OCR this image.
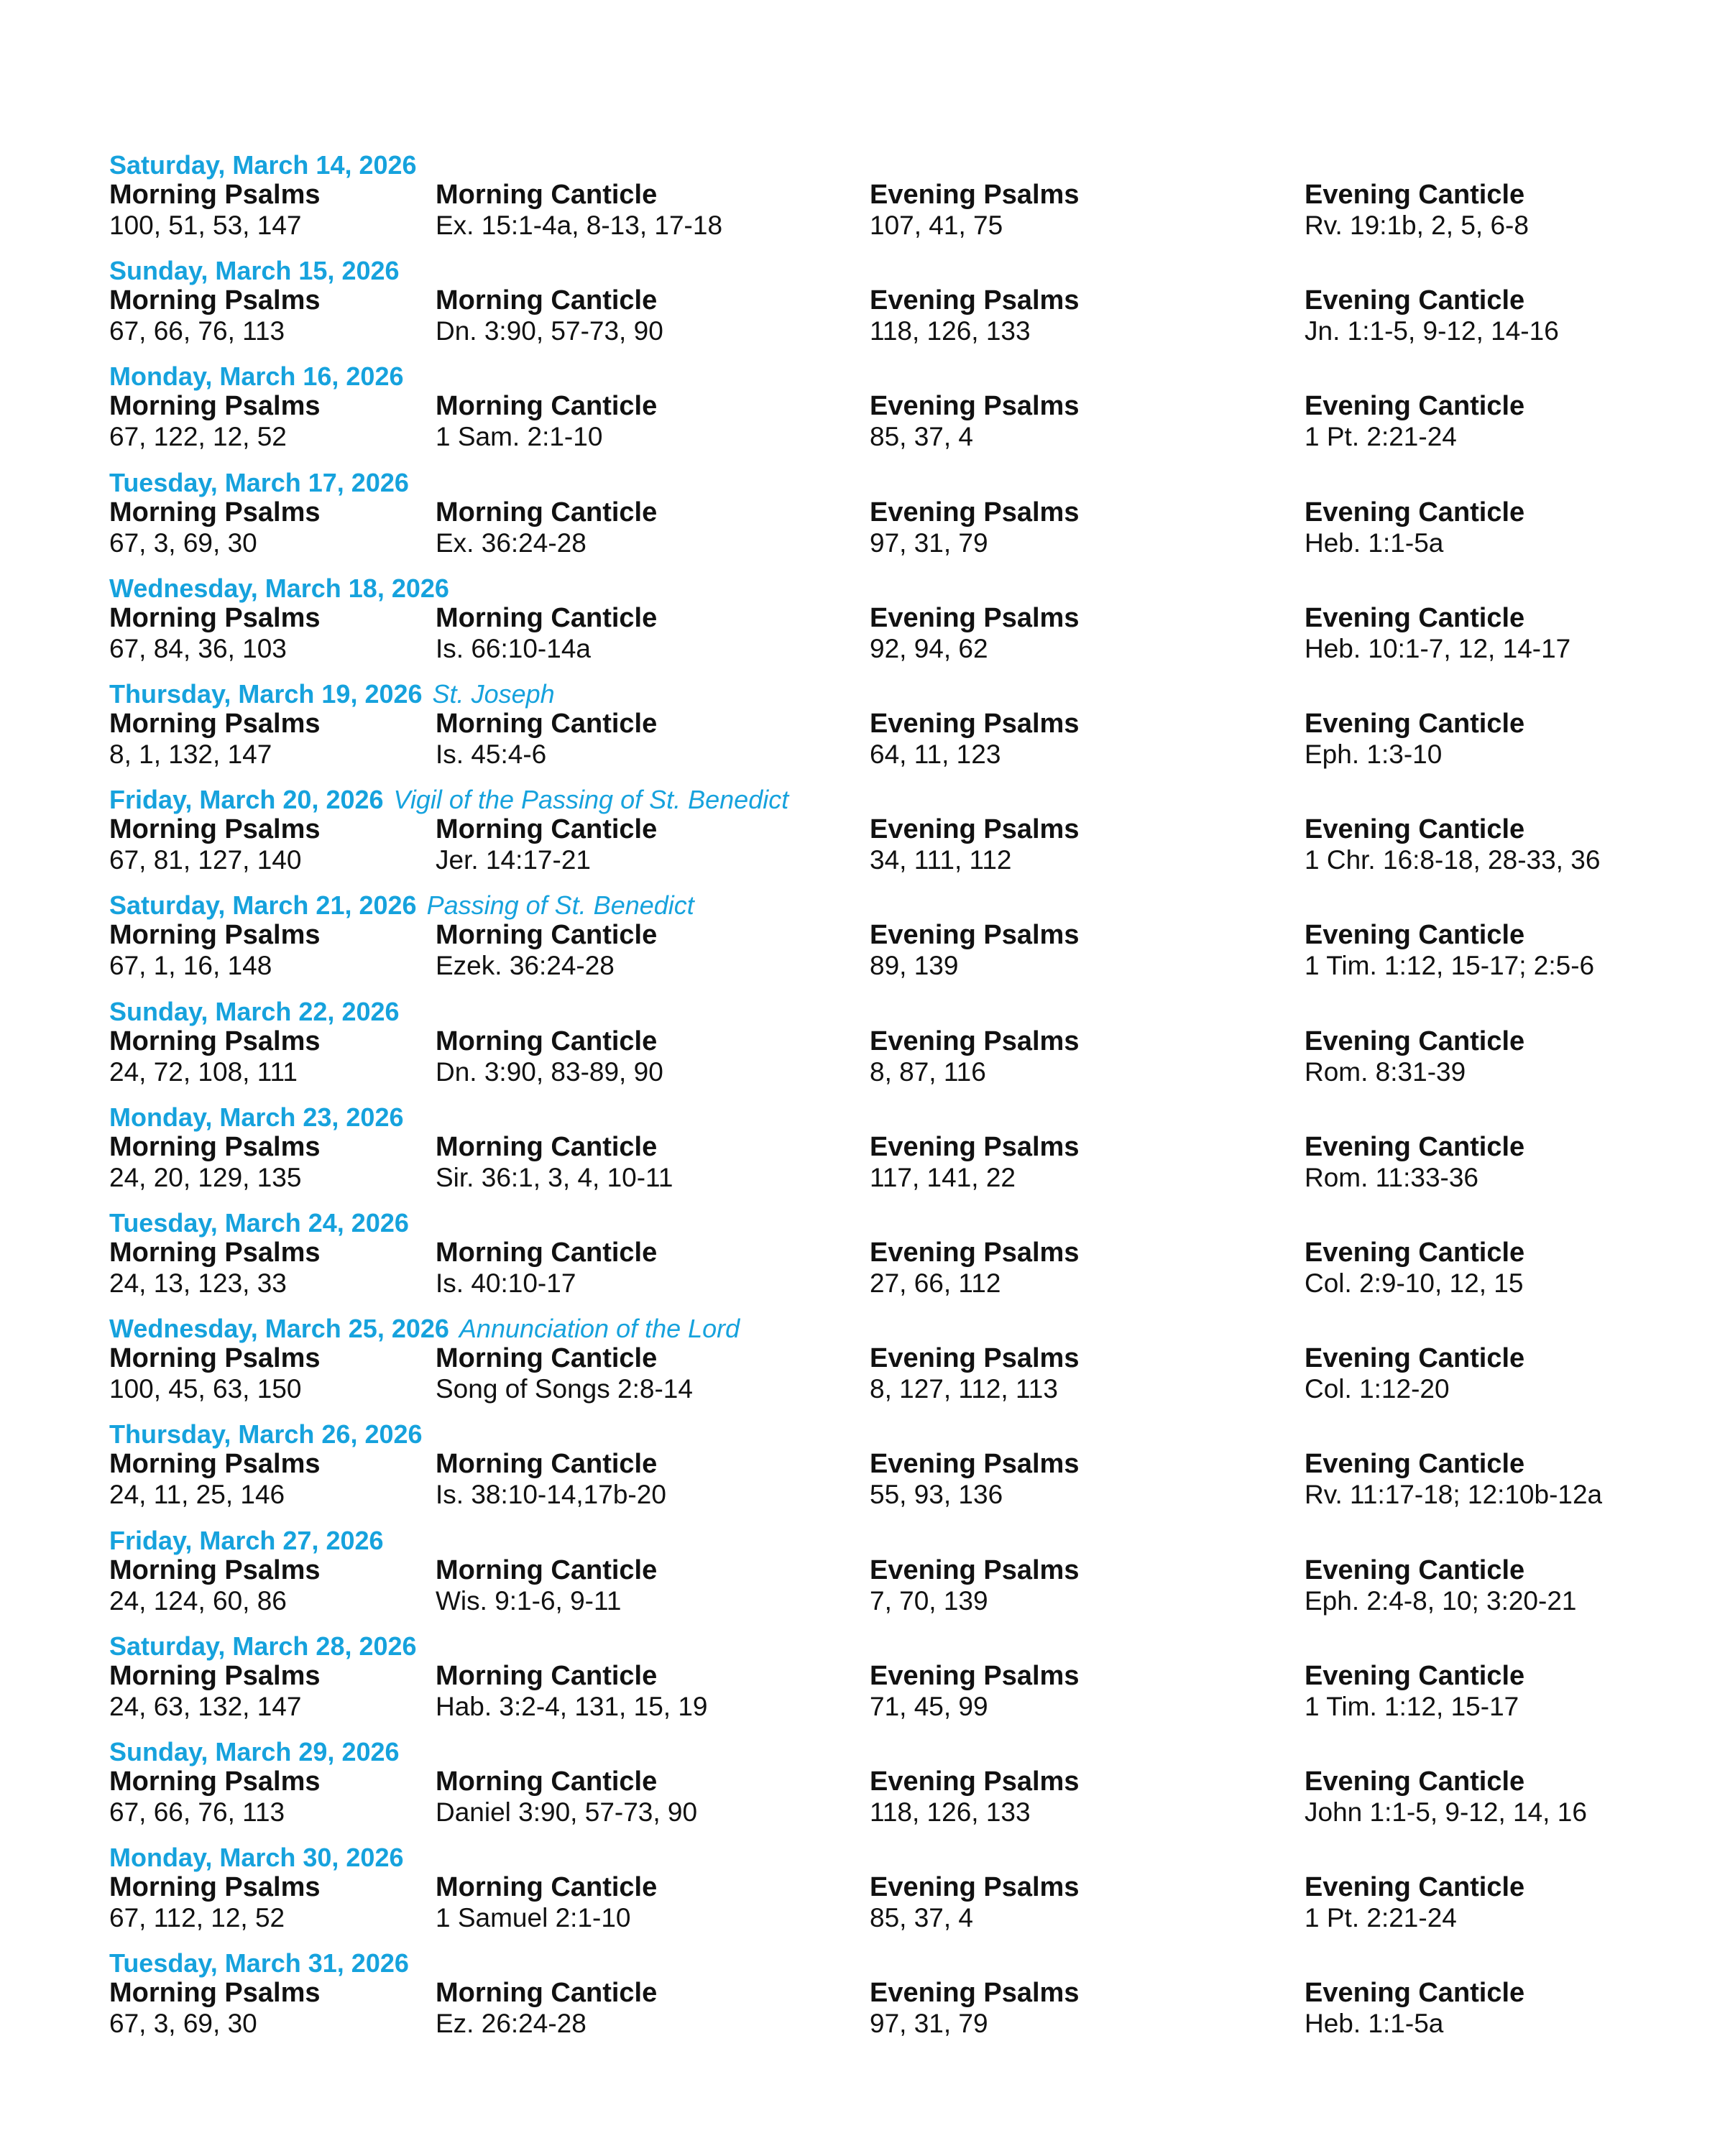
Saturday, March 14, 2026
Morning Psalms
100, 51, 53, 147
Morning Canticle
Ex. 15:1-4a, 8-13, 17-18
Evening Psalms
107, 41, 75
Evening Canticle
Rv. 19:1b, 2, 5, 6-8
Sunday, March 15, 2026
Morning Psalms
67, 66, 76, 113
Morning Canticle
Dn. 3:90, 57-73, 90
Evening Psalms
118, 126, 133
Evening Canticle
Jn. 1:1-5, 9-12, 14-16
Monday, March 16, 2026
Morning Psalms
67, 122, 12, 52
Morning Canticle
1 Sam. 2:1-10
Evening Psalms
85, 37, 4
Evening Canticle
1 Pt. 2:21-24
Tuesday, March 17, 2026
Morning Psalms
67, 3, 69, 30
Morning Canticle
Ex. 36:24-28
Evening Psalms
97, 31, 79
Evening Canticle
Heb. 1:1-5a
Wednesday, March 18, 2026
Morning Psalms
67, 84, 36, 103
Morning Canticle
Is. 66:10-14a
Evening Psalms
92, 94, 62
Evening Canticle
Heb. 10:1-7, 12, 14-17
Thursday, March 19, 2026 St. Joseph
Morning Psalms
8, 1, 132, 147
Morning Canticle
Is. 45:4-6
Evening Psalms
64, 11, 123
Evening Canticle
Eph. 1:3-10
Friday, March 20, 2026 Vigil of the Passing of St. Benedict
Morning Psalms
67, 81, 127, 140
Morning Canticle
Jer. 14:17-21
Evening Psalms
34, 111, 112
Evening Canticle
1 Chr. 16:8-18, 28-33, 36
Saturday, March 21, 2026 Passing of St. Benedict
Morning Psalms
67, 1, 16, 148
Morning Canticle
Ezek. 36:24-28
Evening Psalms
89, 139
Evening Canticle
1 Tim. 1:12, 15-17; 2:5-6
Sunday, March 22, 2026
Morning Psalms
24, 72, 108, 111
Morning Canticle
Dn. 3:90, 83-89, 90
Evening Psalms
8, 87, 116
Evening Canticle
Rom. 8:31-39
Monday, March 23, 2026
Morning Psalms
24, 20, 129, 135
Morning Canticle
Sir. 36:1, 3, 4, 10-11
Evening Psalms
117, 141, 22
Evening Canticle
Rom. 11:33-36
Tuesday, March 24, 2026
Morning Psalms
24, 13, 123, 33
Morning Canticle
Is. 40:10-17
Evening Psalms
27, 66, 112
Evening Canticle
Col. 2:9-10, 12, 15
Wednesday, March 25, 2026 Annunciation of the Lord
Morning Psalms
100, 45, 63, 150
Morning Canticle
Song of Songs 2:8-14
Evening Psalms
8, 127, 112, 113
Evening Canticle
Col. 1:12-20
Thursday, March 26, 2026
Morning Psalms
24, 11, 25, 146
Morning Canticle
Is. 38:10-14,17b-20
Evening Psalms
55, 93, 136
Evening Canticle
Rv. 11:17-18; 12:10b-12a
Friday, March 27, 2026
Morning Psalms
24, 124, 60, 86
Morning Canticle
Wis. 9:1-6, 9-11
Evening Psalms
7, 70, 139
Evening Canticle
Eph. 2:4-8, 10; 3:20-21
Saturday, March 28, 2026
Morning Psalms
24, 63, 132, 147
Morning Canticle
Hab. 3:2-4, 131, 15, 19
Evening Psalms
71, 45, 99
Evening Canticle
1 Tim. 1:12, 15-17
Sunday, March 29, 2026
Morning Psalms
67, 66, 76, 113
Morning Canticle
Daniel 3:90, 57-73, 90
Evening Psalms
118, 126, 133
Evening Canticle
John 1:1-5, 9-12, 14, 16
Monday, March 30, 2026
Morning Psalms
67, 112, 12, 52
Morning Canticle
1 Samuel 2:1-10
Evening Psalms
85, 37, 4
Evening Canticle
1 Pt. 2:21-24
Tuesday, March 31, 2026
Morning Psalms
67, 3, 69, 30
Morning Canticle
Ez. 26:24-28
Evening Psalms
97, 31, 79
Evening Canticle
Heb. 1:1-5a
